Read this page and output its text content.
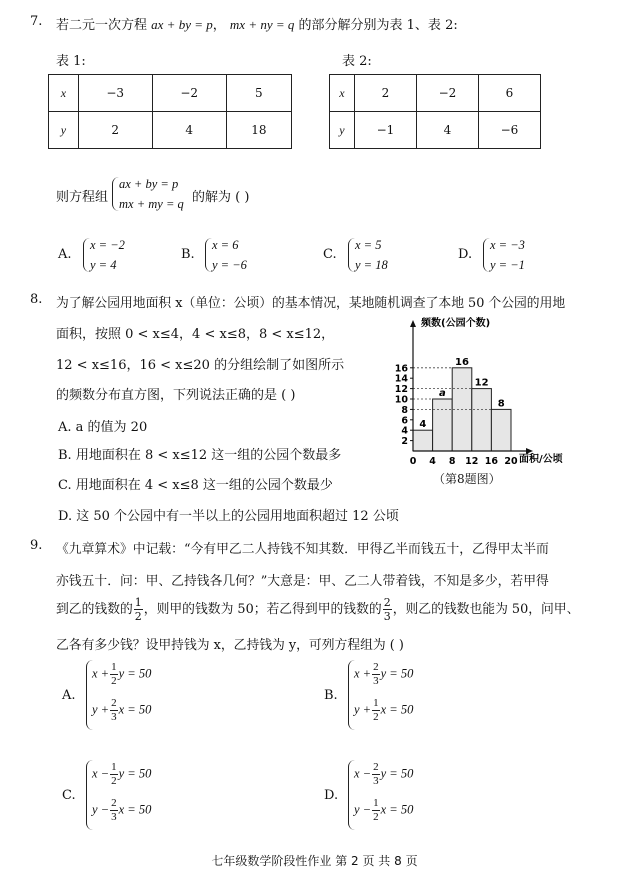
7. 若二元一次方程 ax + by = p， mx + ny = q 的部分解分别为表 1、表 2:
表 1:	表 2:
x	−3	−2	5
y	2	4	18
x	2	−2	6
y	−1	4	−6
则方程组
ax + by = p
mx + my = q 的解为 ( )
A.
x = −2
y = 4
B.
x = 6
y = −6
C.
x = 5
y = 18
D.
x = −3
y = −1
8. 为了解公园用地面积 x（单位：公顷）的基本情况，某地随机调查了本地 50 个公园的用地
面积，按照 0 < x≤4，4 < x≤8，8 < x≤12，
12 < x≤16，16 < x≤20 的分组绘制了如图所示
的频数分布直方图，下列说法正确的是 ( )
A. a 的值为 20
B. 用地面积在 8 < x≤12 这一组的公园个数最多
C. 用地面积在 4 < x≤8 这一组的公园个数最少
D. 这 50 个公园中有一半以上的公园用地面积超过 12 公顷
4
a
16
12
8
2
4
6
8
10
12
14
16
0 4 8 12 16 20
频数(公园个数)
面积/公顷
（第8题图）
9. 《九章算术》中记载：“今有甲乙二人持钱不知其数．甲得乙半而钱五十，乙得甲太半而
亦钱五十．问：甲、乙持钱各几何？”大意是：甲、乙二人带着钱，不知是多少，若甲得
到乙的钱数的 $\frac{1}{2}$ ，则甲的钱数为 50；若乙得到甲的钱数的 $\frac{2}{3}$ ，则乙的钱数也能为 50，问甲、
乙各有多少钱？设甲持钱为 x，乙持钱为 y，可列方程组为 ( )
A.
$x + \frac{1}{2}$ y = 50
$y + \frac{2}{3}$ x = 50
B.
$x + \frac{2}{3}$ y = 50
$y + \frac{1}{2}$ x = 50
C.
$x - \frac{1}{2}$ y = 50
$y - \frac{2}{3}$ x = 50
D.
$x - \frac{2}{3}$ y = 50
$y - \frac{1}{2}$ x = 50
七年级数学阶段性作业 第 2 页 共 8 页
